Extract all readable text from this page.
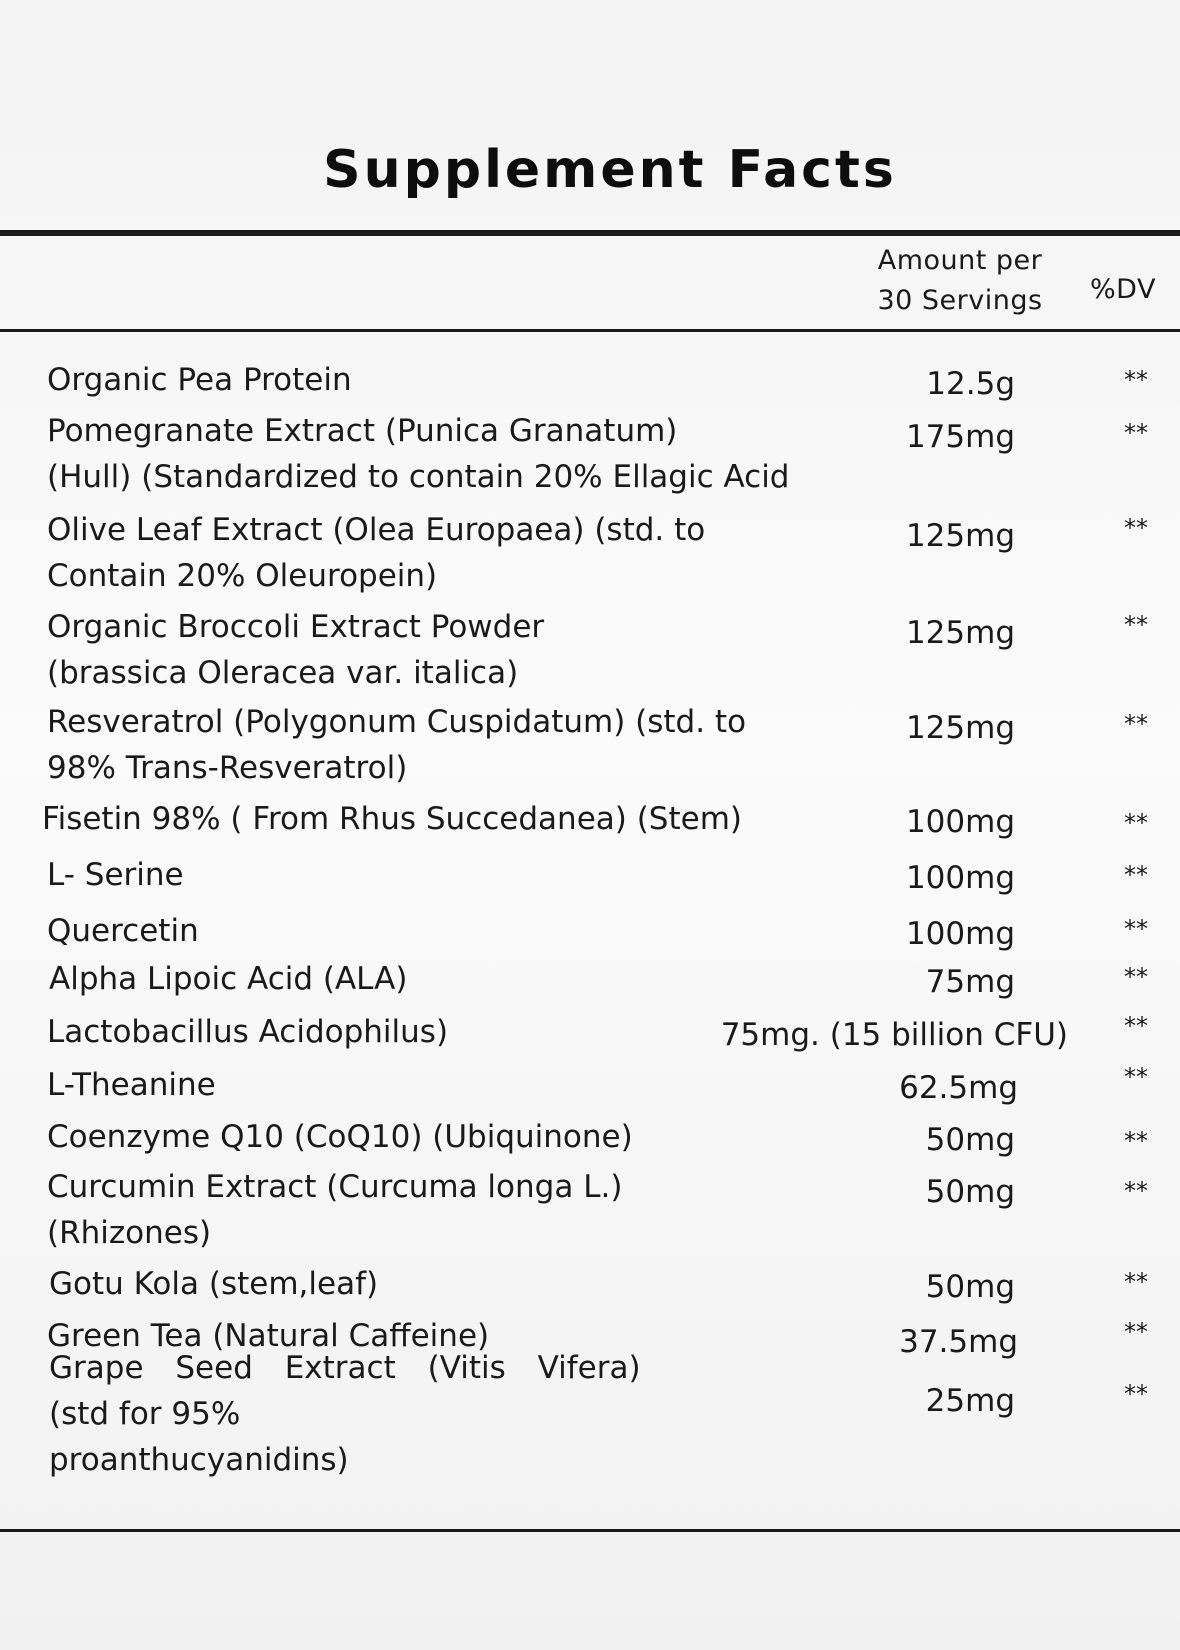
Supplement Facts
Amount per
30 Servings	%DV
Organic Pea Protein	12.5g	**
Pomegranate Extract (Punica Granatum)
(Hull) (Standardized to contain 20% Ellagic Acid
175mg	**
Olive Leaf Extract (Olea Europaea) (std. to
Contain 20% Oleuropein)
125mg	**
Organic Broccoli Extract Powder
(brassica Oleracea var. italica)
125mg	**
Resveratrol (Polygonum Cuspidatum) (std. to
98% Trans-Resveratrol)
125mg	**
Fisetin 98% ( From Rhus Succedanea) (Stem)	100mg	**
L- Serine	100mg	**
Quercetin	100mg	**
Alpha Lipoic Acid (ALA)	75mg	**
Lactobacillus Acidophilus)	75mg. (15 billion CFU) **
L-Theanine	62.5mg	**
Coenzyme Q10 (CoQ10) (Ubiquinone)	50mg	**
Curcumin Extract (Curcuma longa L.)
(Rhizones)
50mg	**
Gotu Kola (stem,leaf)	50mg	**
Green Tea (Natural Caffeine)	37.5mg	**
Grape Seed Extract (Vitis Vifera)
(std for 95%
proanthucyanidins)
25mg	**
